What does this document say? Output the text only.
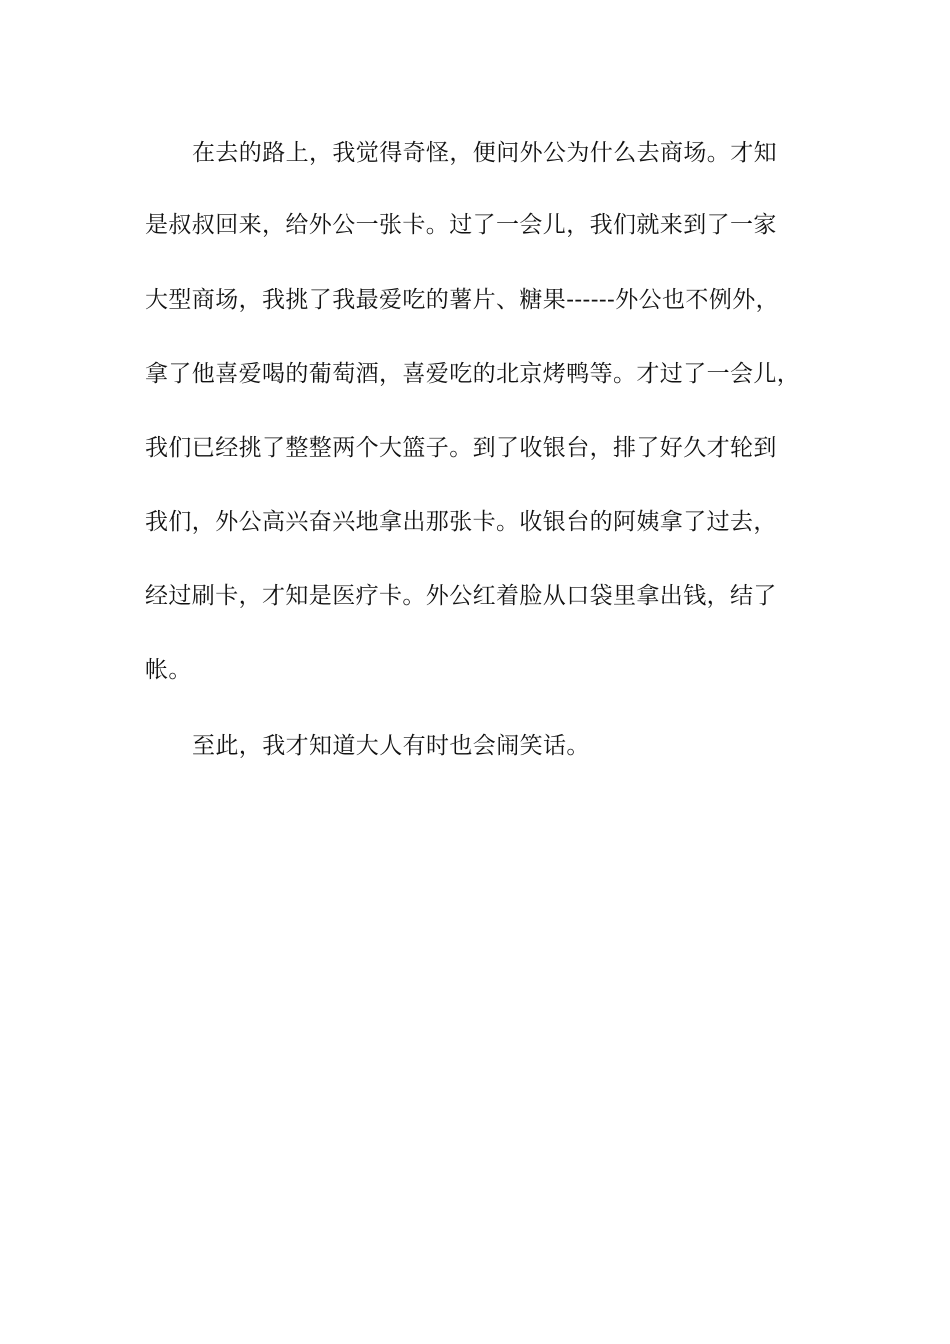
在去的路上，我觉得奇怪，便问外公为什么去商场。才知
是叔叔回来，给外公一张卡。过了一会儿，我们就来到了一家
大型商场，我挑了我最爱吃的薯片、糖果------外公也不例外，
拿了他喜爱喝的葡萄酒，喜爱吃的北京烤鸭等。才过了一会儿，
我们已经挑了整整两个大篮子。到了收银台，排了好久才轮到
我们，外公高兴奋兴地拿出那张卡。收银台的阿姨拿了过去，
经过刷卡，才知是医疗卡。外公红着脸从口袋里拿出钱，结了
帐。
至此，我才知道大人有时也会闹笑话。
